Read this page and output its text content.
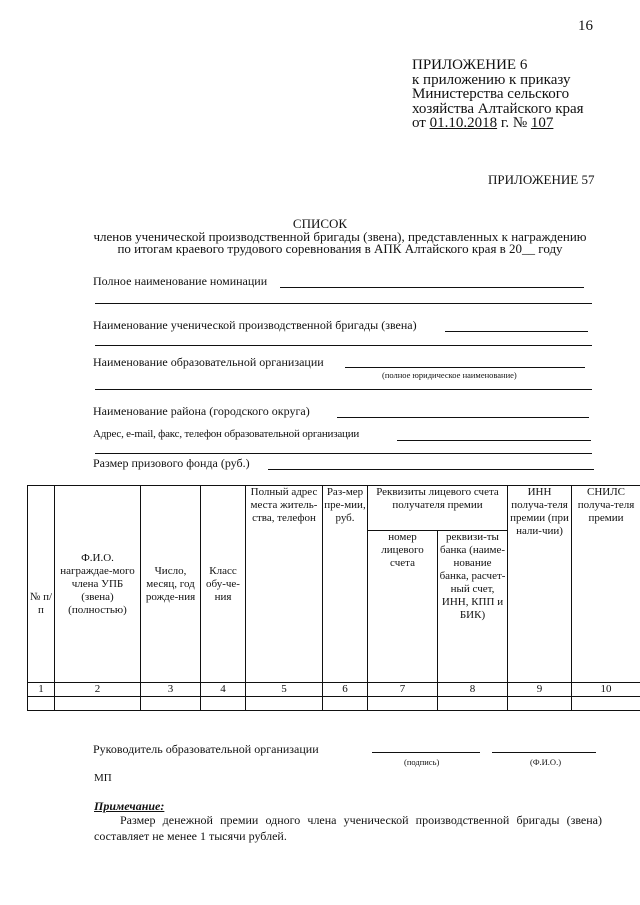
16
ПРИЛОЖЕНИЕ 6
к приложению к приказу
Министерства сельского
хозяйства Алтайского края
от 01.10.2018 г. № 107
ПРИЛОЖЕНИЕ 57
СПИСОК
членов ученической производственной бригады (звена), представленных к награждению
по итогам краевого трудового соревнования в АПК Алтайского края в 20__ году
Полное наименование номинации
Наименование ученической производственной бригады (звена)
Наименование образовательной организации
(полное юридическое наименование)
Наименование района (городского округа)
Адрес, e-mail, факс, телефон образовательной организации
Размер призового фонда (руб.)
№ п/п	Ф.И.О. награждае-мого члена УПБ (звена) (полностью)	Число, месяц, год рожде-ния	Класс обу-че-ния	Полный адрес места житель-ства, телефон	Раз-мер пре-мии, руб.	Реквизиты лицевого счета получателя премии		ИНН получа-теля премии (при нали-чии)	СНИЛС получа-теля премии
						номер лицевого счета	реквизи-ты банка (наиме-нование банка, расчет-ный счет, ИНН, КПП и БИК)		
1	2	3	4	5	6	7	8	9	10

Руководитель образовательной организации
(подпись)	(Ф.И.О.)
МП
Примечание:
Размер денежной премии одного члена ученической производственной бригады (звена) составляет не менее 1 тысячи рублей.
